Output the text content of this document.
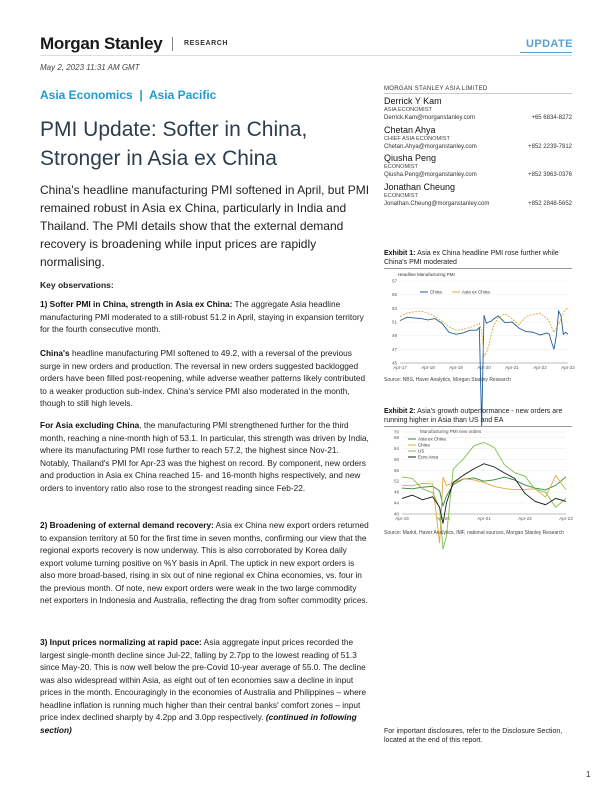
Morgan Stanley	RESEARCH	UPDATE
May 2, 2023 11:31 AM GMT
Asia Economics  |  Asia Pacific
PMI Update: Softer in China, Stronger in Asia ex China
China's headline manufacturing PMI softened in April, but PMI remained robust in Asia ex China, particularly in India and Thailand. The PMI details show that the external demand recovery is broadening while input prices are rapidly normalising.
Key observations:

1) Softer PMI in China, strength in Asia ex China: The aggregate Asia headline manufacturing PMI moderated to a still-robust 51.2 in April, staying in expansion territory for the fourth consecutive month.

China's headline manufacturing PMI softened to 49.2, with a reversal of the previous surge in new orders and production. The reversal in new orders suggested backlogged orders have been filled post-reopening, while adverse weather patterns likely contributed to a weaker production sub-index. China's service PMI also moderated in the month, though to still high levels.

For Asia excluding China, the manufacturing PMI strengthened further for the third month, reaching a nine-month high of 53.1. In particular, this strength was driven by India, where its manufacturing PMI rose further to reach 57.2, the highest since Nov-21. Notably, Thailand's PMI for Apr-23 was the highest on record. By component, new orders and production in Asia ex China reached 15- and 16-month highs respectively, and new orders to inventory ratio also rose to the strongest reading since Feb-22.

2) Broadening of external demand recovery: Asia ex China new export orders returned to expansion territory at 50 for the first time in seven months, confirming our view that the regional exports recovery is now underway. This is also corroborated by Korea daily export volume turning positive on %Y basis in April. The uptick in new export orders is also more broad-based, rising in six out of nine regional ex China economies, vs. four in the previous month. Of note, new export orders were weak in the two large commodity net exporters in Indonesia and Australia, reflecting the drag from softer commodity prices.

3) Input prices normalizing at rapid pace: Asia aggregate input prices recorded the largest single-month decline since Jul-22, falling by 2.7pp to the lowest reading of 51.3 since May-20. This is now well below the pre-Covid 10-year average of 55.0. The decline was also widespread within Asia, as eight out of ten economies saw a decline in input prices in the month. Encouragingly in the economies of Australia and Philippines – where headline inflation is running much higher than their central banks' comfort zones – input price index declined sharply by 4.2pp and 3.0pp respectively. (continued in following section)

MORGAN STANLEY ASIA LIMITED
Derrick Y Kam
ASIA ECONOMIST
Derrick.Kam@morganstanley.com	+65 6834-8272
Chetan Ahya
CHIEF ASIA ECONOMIST
Chetan.Ahya@morganstanley.com	+852 2239-7812
Qiusha Peng
ECONOMIST
Qiusha.Peng@morganstanley.com	+852 3963-0376
Jonathan Cheung
ECONOMIST
Jonathan.Cheung@morganstanley.com	+852 2848-5652
Exhibit 1: Asia ex China headline PMI rose further while China's PMI moderated
Headline Manufacturing PMI
45
47
49
51
53
55
57
Apr-17	Apr-18	Apr-19	Apr-20	Apr-21	Apr-22	Apr-23
China	Asia ex China
Source: NBS, Haver Analytics, Morgan Stanley Research
Exhibit 2: Asia's growth outperformance - new orders are running higher in Asia than US and EA
Manufacturing PMI new orders
40
44
48
52
56
60
64
68
70
Apr-19	Apr-20	Apr-21	Apr-22	Apr-23
Asia ex China
China
US
Euro Area
Source: Markit, Haver Analytics, IMF, national sources, Morgan Stanley Research
For important disclosures, refer to the Disclosure Section, located at the end of this report.
1
